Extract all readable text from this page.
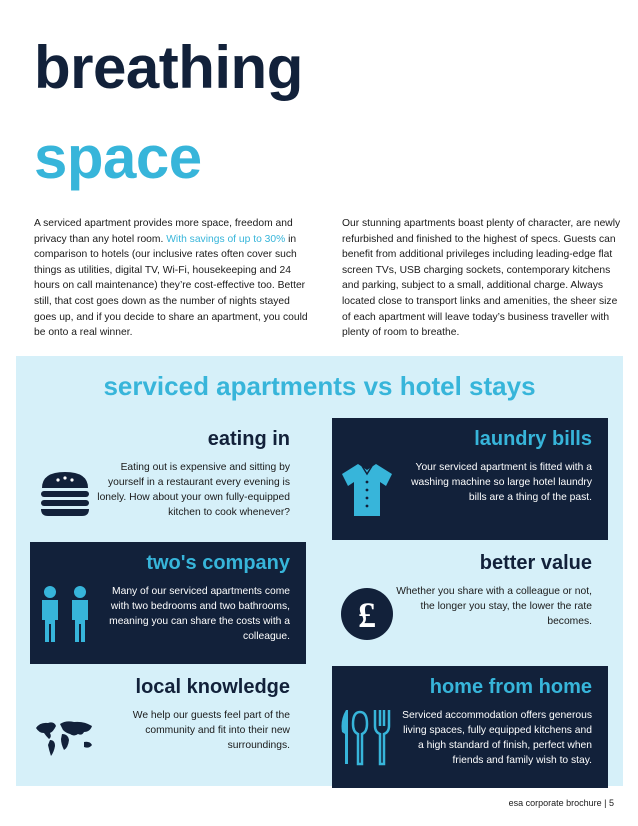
breathing
space

A serviced apartment provides more space, freedom and privacy than any hotel room. With savings of up to 30% in comparison to hotels (our inclusive rates often cover such things as utilities, digital TV, Wi-Fi, housekeeping and 24 hours on call maintenance) they’re cost-effective too. Better still, that cost goes down as the number of nights stayed goes up, and if you decide to share an apartment, you could be onto a real winner.

Our stunning apartments boast plenty of character, are newly refurbished and finished to the highest of specs. Guests can benefit from additional privileges including leading-edge flat screen TVs, USB charging sockets, contemporary kitchens and parking, subject to a small, additional charge. Always located close to transport links and amenities, the sheer size of each apartment will leave today’s business traveller with plenty of room to breathe.

serviced apartments vs hotel stays
eating in
Eating out is expensive and sitting by yourself in a restaurant every evening is lonely. How about your own fully-equipped kitchen to cook whenever?
laundry bills
Your serviced apartment is fitted with a washing machine so large hotel laundry bills are a thing of the past.
two's company
Many of our serviced apartments come with two bedrooms and two bathrooms, meaning you can share the costs with a colleague.
£
better value
Whether you share with a colleague or not, the longer you stay, the lower the rate becomes.
local knowledge
We help our guests feel part of the community and fit into their new surroundings.
home from home
Serviced accommodation offers generous living spaces, fully equipped kitchens and a high standard of finish, perfect when friends and family wish to stay.
esa corporate brochure | 5
